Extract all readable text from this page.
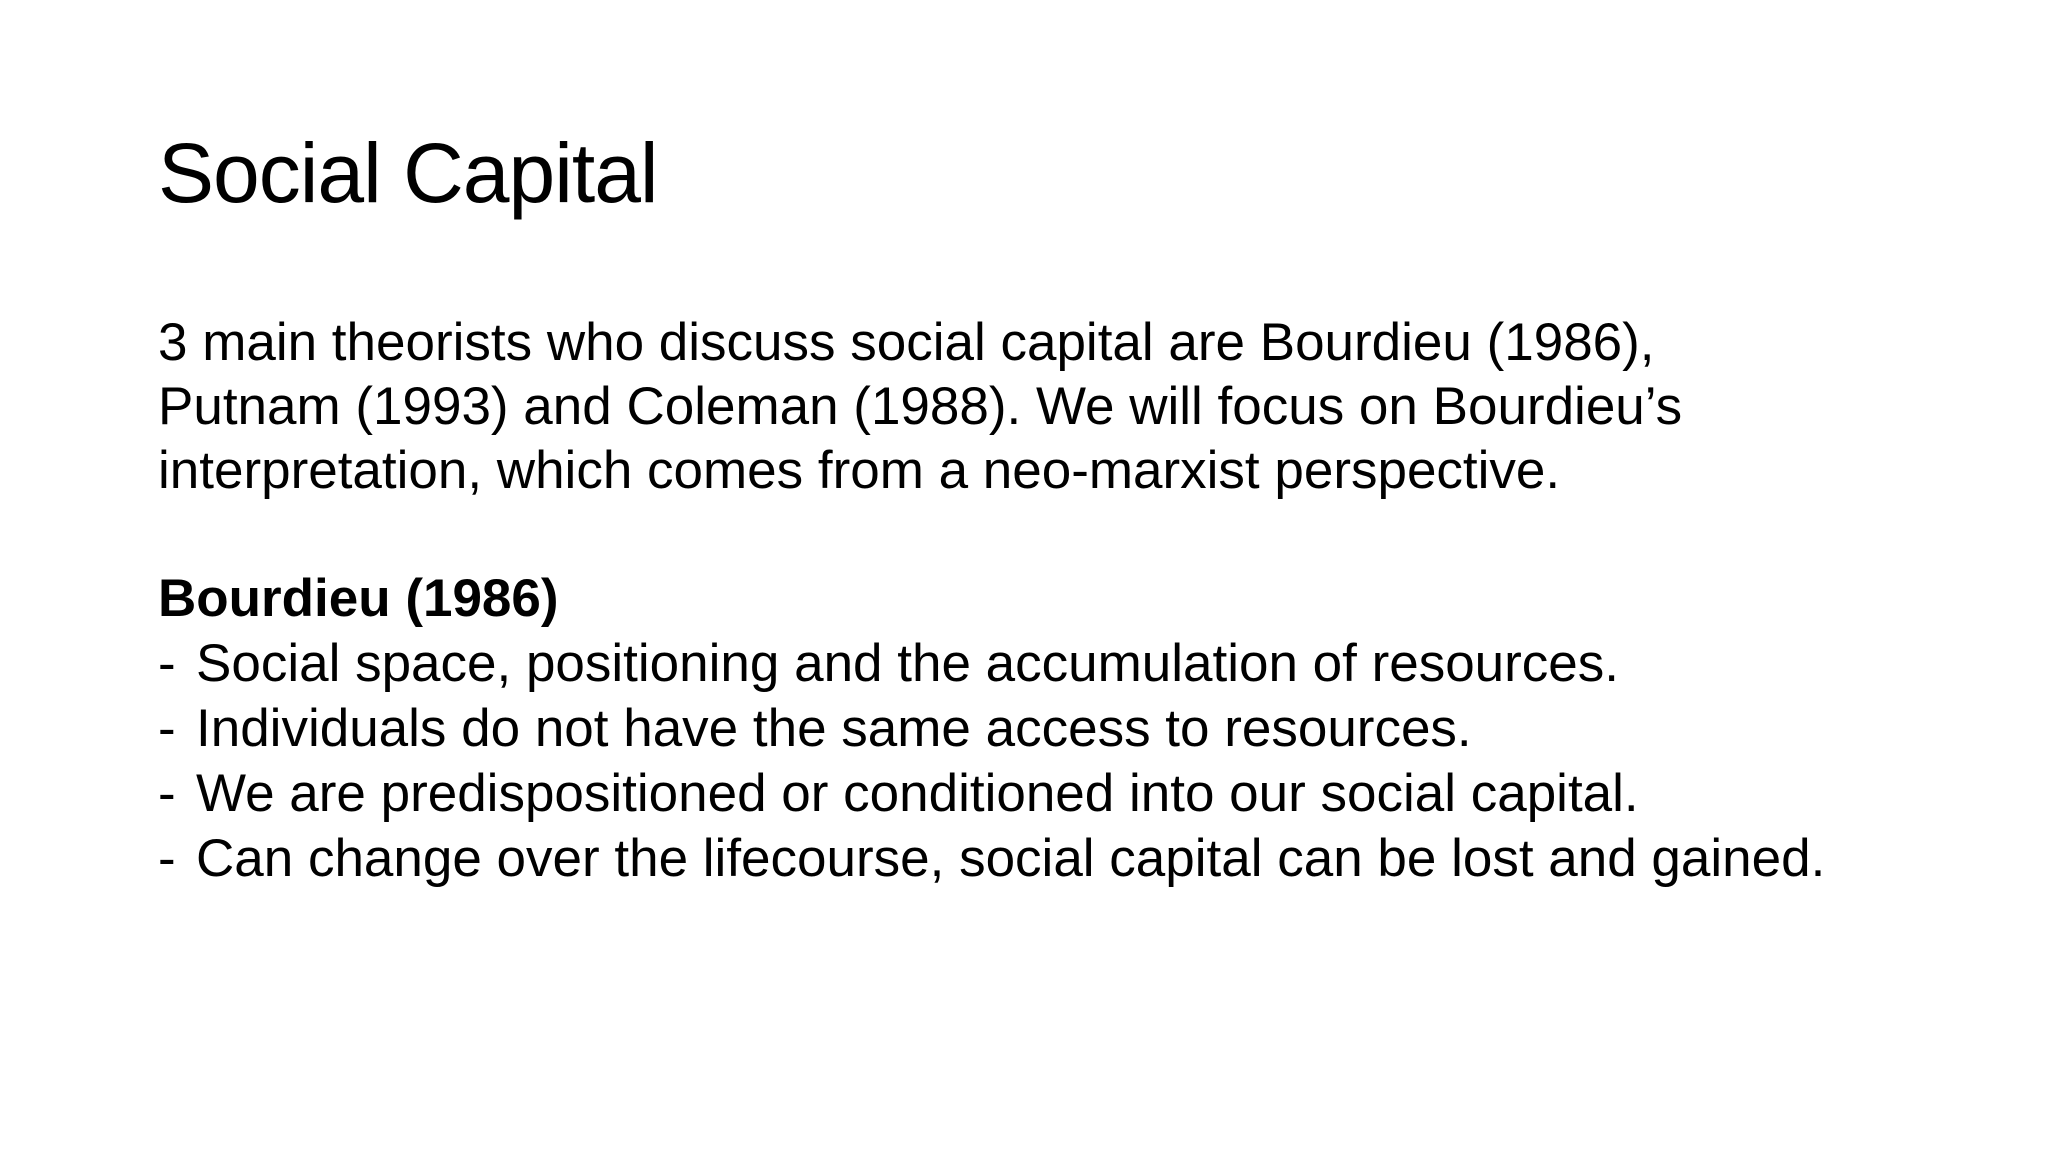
Social Capital

3 main theorists who discuss social capital are Bourdieu (1986),
Putnam (1993) and Coleman (1988). We will focus on Bourdieu’s
interpretation, which comes from a neo-marxist perspective.

Bourdieu (1986)
- Social space, positioning and the accumulation of resources.
- Individuals do not have the same access to resources.
- We are predispositioned or conditioned into our social capital.
- Can change over the lifecourse, social capital can be lost and gained.
